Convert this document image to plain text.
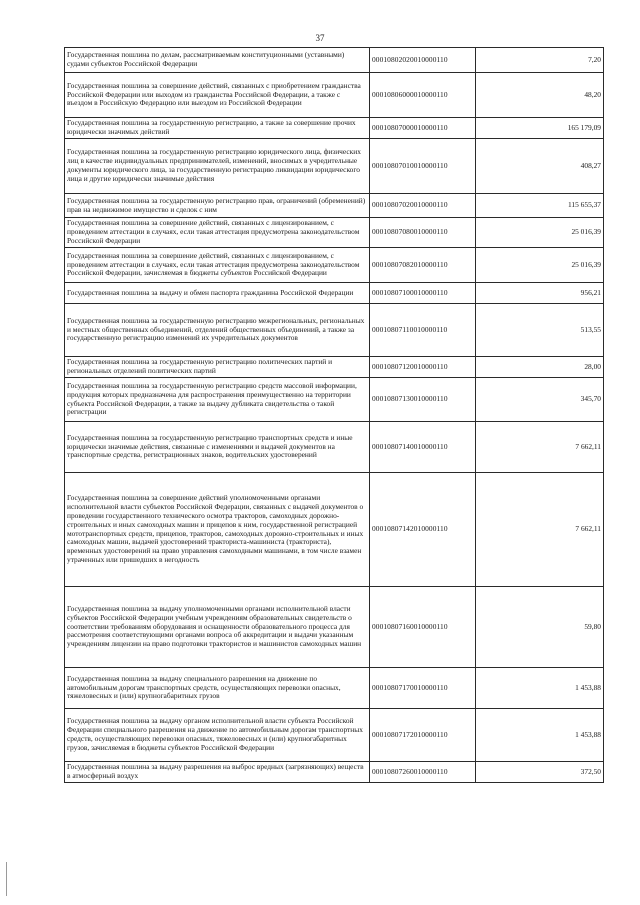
37
Государственная пошлина по делам, рассматриваемым конституционными (уставными) судами субъектов Российской Федерации	00010802020010000110	7,20
Государственная пошлина за совершение действий, связанных с приобретением гражданства Российской Федерации или выходом из гражданства Российской Федерации, а также с въездом в Российскую Федерацию или выездом из Российской Федерации	00010806000010000110	48,20
Государственная пошлина за государственную регистрацию, а также за совершение прочих юридически значимых действий	00010807000010000110	165 179,09
Государственная пошлина за государственную регистрацию юридического лица, физических лиц в качестве индивидуальных предпринимателей, изменений, вносимых в учредительные документы юридического лица, за государственную регистрацию ликвидации юридического лица и другие юридически значимые действия	00010807010010000110	408,27
Государственная пошлина за государственную регистрацию прав, ограничений (обременений) прав на недвижимое имущество и сделок с ним	00010807020010000110	115 655,37
Государственная пошлина за совершение действий, связанных с лицензированием, с проведением аттестации в случаях, если такая аттестация предусмотрена законодательством Российской Федерации	00010807080010000110	25 016,39
Государственная пошлина за совершение действий, связанных с лицензированием, с проведением аттестации в случаях, если такая аттестация предусмотрена законодательством Российской Федерации, зачисляемая в бюджеты субъектов Российской Федерации	00010807082010000110	25 016,39
Государственная пошлина за выдачу и обмен паспорта гражданина Российской Федерации	00010807100010000110	956,21
Государственная пошлина за государственную регистрацию межрегиональных, региональных и местных общественных объединений, отделений общественных объединений, а также за государственную регистрацию изменений их учредительных документов	00010807110010000110	513,55
Государственная пошлина за государственную регистрацию политических партий и региональных отделений политических партий	00010807120010000110	28,00
Государственная пошлина за государственную регистрацию средств массовой информации, продукция которых предназначена для распространения преимущественно на территории субъекта Российской Федерации, а также за выдачу дубликата свидетельства о такой регистрации	00010807130010000110	345,70
Государственная пошлина за государственную регистрацию транспортных средств и иные юридически значимые действия, связанные с изменениями и выдачей документов на транспортные средства, регистрационных знаков, водительских удостоверений	00010807140010000110	7 662,11
Государственная пошлина за совершение действий уполномоченными органами исполнительной власти субъектов Российской Федерации, связанных с выдачей документов о проведении государственного технического осмотра тракторов, самоходных дорожно-строительных и иных самоходных машин и прицепов к ним, государственной регистрацией мототранспортных средств, прицепов, тракторов, самоходных дорожно-строительных и иных самоходных машин, выдачей удостоверений тракториста-машиниста (тракториста), временных удостоверений на право управления самоходными машинами, в том числе взамен утраченных или пришедших в негодность	00010807142010000110	7 662,11
Государственная пошлина за выдачу уполномоченными органами исполнительной власти субъектов Российской Федерации учебным учреждениям образовательных свидетельств о соответствии требованиям оборудования и оснащенности образовательного процесса для рассмотрения соответствующими органами вопроса об аккредитации и выдачи указанным учреждениям лицензии на право подготовки трактористов и машинистов самоходных машин	00010807160010000110	59,80
Государственная пошлина за выдачу специального разрешения на движение по автомобильным дорогам транспортных средств, осуществляющих перевозки опасных, тяжеловесных и (или) крупногабаритных грузов	00010807170010000110	1 453,88
Государственная пошлина за выдачу органом исполнительной власти субъекта Российской Федерации специального разрешения на движение по автомобильным дорогам транспортных средств, осуществляющих перевозки опасных, тяжеловесных и (или) крупногабаритных грузов, зачисляемая в бюджеты субъектов Российской Федерации	00010807172010000110	1 453,88
Государственная пошлина за выдачу разрешения на выброс вредных (загрязняющих) веществ в атмосферный воздух	00010807260010000110	372,50
